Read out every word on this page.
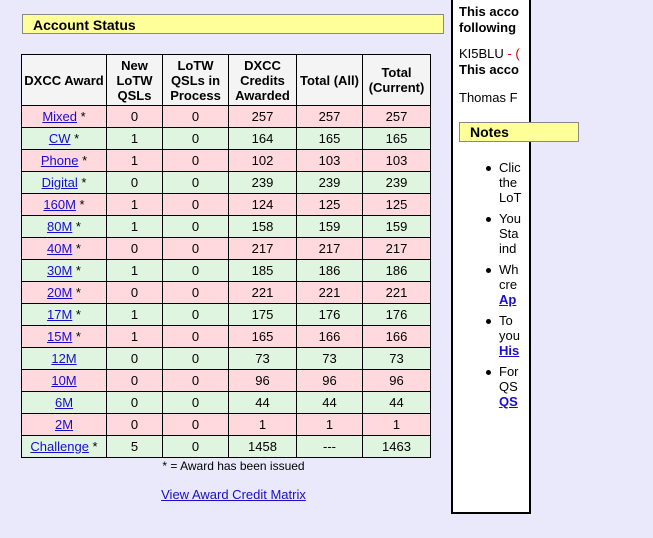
Account Status
DXCC Award	New LoTW QSLs	LoTW QSLs in Process	DXCC Credits Awarded	Total (All)	Total (Current)
Mixed *	0	0	257	257	257
CW *	1	0	164	165	165
Phone *	1	0	102	103	103
Digital *	0	0	239	239	239
160M *	1	0	124	125	125
80M *	1	0	158	159	159
40M *	0	0	217	217	217
30M *	1	0	185	186	186
20M *	0	0	221	221	221
17M *	1	0	175	176	176
15M *	1	0	165	166	166
12M	0	0	73	73	73
10M	0	0	96	96	96
6M	0	0	44	44	44
2M	0	0	1	1	1
Challenge *	5	0	1458	---	1463
* = Award has been issued
View Award Credit Matrix
This acco
following
KI5BLU - (
This acco
Thomas F
Notes
Clic
the
LoT
You
Sta
ind
Wh
cre
Ap
To
you
His
For
QS
QS
